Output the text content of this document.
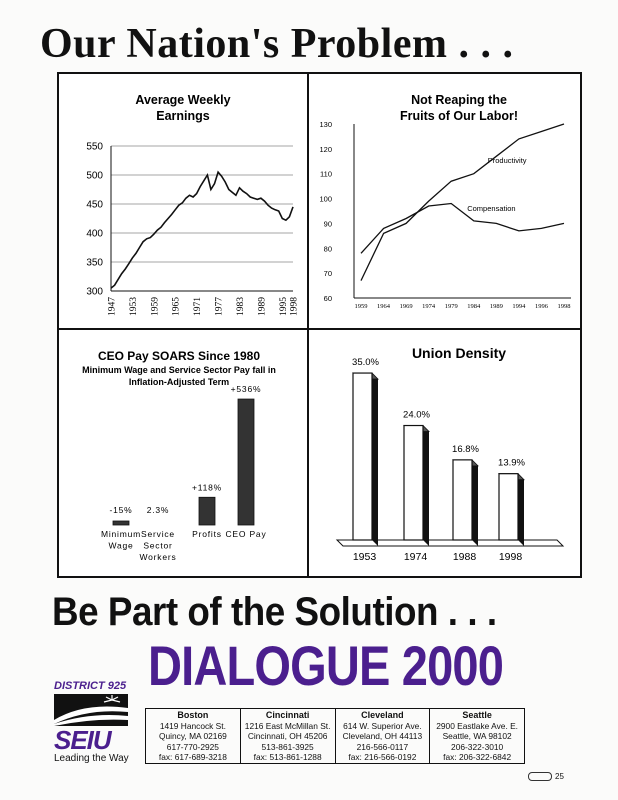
Our Nation's Problem . . .
Average Weekly
Earnings
300
350
400
450
500
550
1947 1953 1959 1965 1971 1977 1983 1989 1995 1998
Not Reaping the
Fruits of Our Labor!
60
70
80
90
100
110
120
130
1959 1964 1969 1974 1979 1984 1989 1994 1996 1998
Productivity
Compensation
CEO Pay SOARS Since 1980
Minimum Wage and Service Sector Pay fall in
Inflation-Adjusted Term
-15%
Minimum
Wage
2.3%
Service
Sector
Workers
+118%
Profits
+536%
CEO Pay
Union Density
35.0%
1953
24.0%
1974
16.8%
1988
13.9%
1998
Be Part of the Solution . . .
DIALOGUE 2000
DISTRICT 925
SEIU
Leading the Way
Boston
1419 Hancock St.
Quincy, MA 02169
617-770-2925
fax: 617-689-3218
Cincinnati
1216 East McMillan St.
Cincinnati, OH 45206
513-861-3925
fax: 513-861-1288
Cleveland
614 W. Superior Ave.
Cleveland, OH 44113
216-566-0117
fax: 216-566-0192
Seattle
2900 Eastlake Ave. E.
Seattle, WA 98102
206-322-3010
fax: 206-322-6842
25
